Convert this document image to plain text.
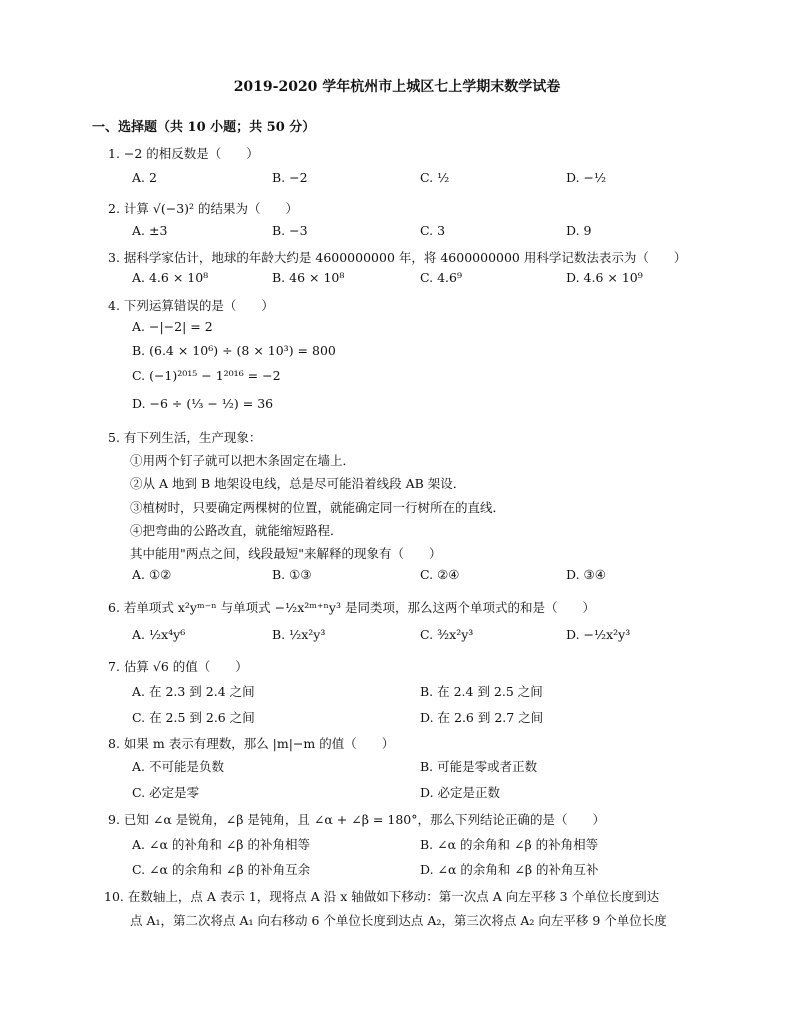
2019-2020 学年杭州市上城区七上学期末数学试卷
一、选择题（共 10 小题；共 50 分）
1. −2 的相反数是（　　）
A. 2	B. −2	C. ½	D. −½
2. 计算 √(−3)² 的结果为（　　）
A. ±3	B. −3	C. 3	D. 9
3. 据科学家估计，地球的年龄大约是 4600000000 年，将 4600000000 用科学记数法表示为（　　）
A. 4.6 × 10⁸	B. 46 × 10⁸	C. 4.6⁹	D. 4.6 × 10⁹
4. 下列运算错误的是（　　）
A. −|−2| = 2
B. (6.4 × 10⁶) ÷ (8 × 10³) = 800
C. (−1)²⁰¹⁵ − 1²⁰¹⁶ = −2
D. −6 ÷ (⅓ − ½) = 36
5. 有下列生活，生产现象：
①用两个钉子就可以把木条固定在墙上．
②从 A 地到 B 地架设电线，总是尽可能沿着线段 AB 架设．
③植树时，只要确定两棵树的位置，就能确定同一行树所在的直线．
④把弯曲的公路改直，就能缩短路程．
其中能用"两点之间，线段最短"来解释的现象有（　　）
A. ①②	B. ①③	C. ②④	D. ③④
6. 若单项式 x²yᵐ⁻ⁿ 与单项式 −½x²ᵐ⁺ⁿy³ 是同类项，那么这两个单项式的和是（　　）
A. ½x⁴y⁶	B. ½x²y³	C. ³⁄₂x²y³	D. −½x²y³
7. 估算 √6 的值（　　）
A. 在 2.3 到 2.4 之间	B. 在 2.4 到 2.5 之间
C. 在 2.5 到 2.6 之间	D. 在 2.6 到 2.7 之间
8. 如果 m 表示有理数，那么 |m|−m 的值（　　）
A. 不可能是负数	B. 可能是零或者正数
C. 必定是零	D. 必定是正数
9. 已知 ∠α 是锐角，∠β 是钝角，且 ∠α + ∠β = 180°，那么下列结论正确的是（　　）
A. ∠α 的补角和 ∠β 的补角相等	B. ∠α 的余角和 ∠β 的补角相等
C. ∠α 的余角和 ∠β 的补角互余	D. ∠α 的余角和 ∠β 的补角互补
10. 在数轴上，点 A 表示 1，现将点 A 沿 x 轴做如下移动：第一次点 A 向左平移 3 个单位长度到达
点 A₁，第二次将点 A₁ 向右移动 6 个单位长度到达点 A₂，第三次将点 A₂ 向左平移 9 个单位长度
